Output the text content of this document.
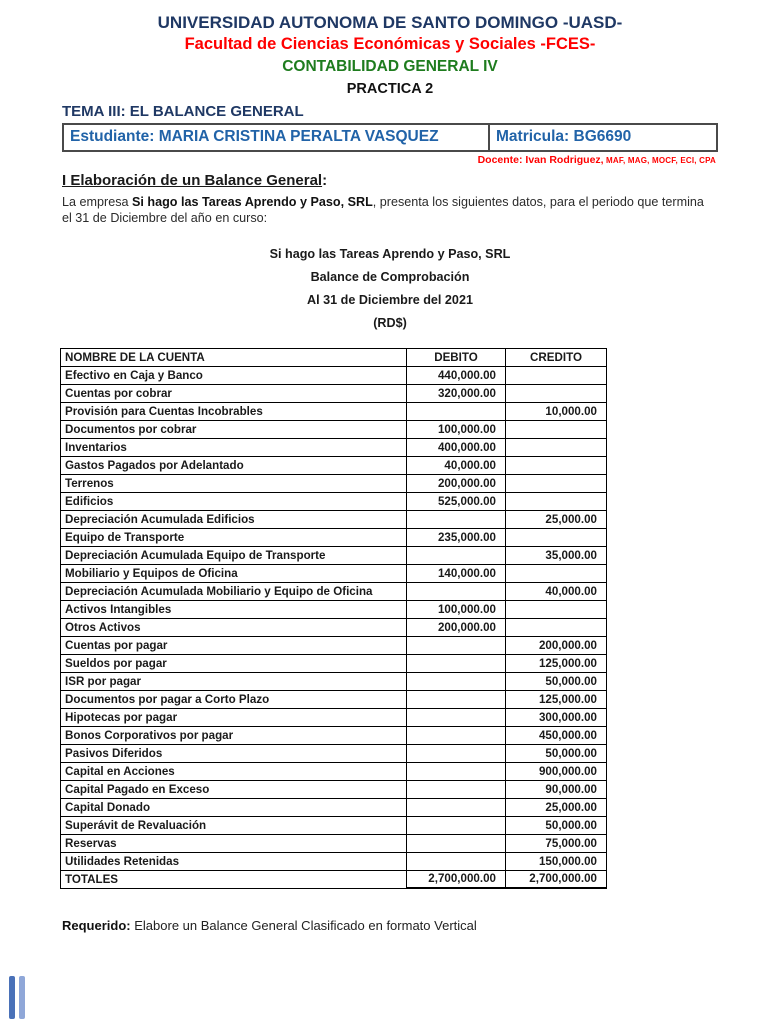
UNIVERSIDAD AUTONOMA DE SANTO DOMINGO -UASD-
Facultad de Ciencias Económicas y Sociales -FCES-
CONTABILIDAD GENERAL IV
PRACTICA 2
TEMA III: EL BALANCE GENERAL
Estudiante: MARIA CRISTINA PERALTA VASQUEZ	Matricula: BG6690
Docente: Ivan Rodriguez, MAF, MAG, MOCF, ECI, CPA
I Elaboración de un Balance General:
La empresa Si hago las Tareas Aprendo y Paso, SRL, presenta los siguientes datos, para el periodo que termina el 31 de Diciembre del año en curso:
Si hago las Tareas Aprendo y Paso, SRL
Balance de Comprobación
Al 31 de Diciembre del 2021
(RD$)
NOMBRE DE LA CUENTA	DEBITO	CREDITO
Efectivo en Caja y Banco	440,000.00	
Cuentas por cobrar	320,000.00	
Provisión para Cuentas Incobrables		10,000.00
Documentos por cobrar	100,000.00	
Inventarios	400,000.00	
Gastos Pagados por Adelantado	40,000.00	
Terrenos	200,000.00	
Edificios	525,000.00	
Depreciación Acumulada Edificios		25,000.00
Equipo de Transporte	235,000.00	
Depreciación Acumulada Equipo de Transporte		35,000.00
Mobiliario y Equipos de Oficina	140,000.00	
Depreciación Acumulada Mobiliario y Equipo de Oficina		40,000.00
Activos Intangibles	100,000.00	
Otros Activos	200,000.00	
Cuentas por pagar		200,000.00
Sueldos por pagar		125,000.00
ISR por pagar		50,000.00
Documentos por pagar a Corto Plazo		125,000.00
Hipotecas por pagar		300,000.00
Bonos Corporativos por pagar		450,000.00
Pasivos Diferidos		50,000.00
Capital en Acciones		900,000.00
Capital Pagado en Exceso		90,000.00
Capital Donado		25,000.00
Superávit de Revaluación		50,000.00
Reservas		75,000.00
Utilidades Retenidas		150,000.00
TOTALES	2,700,000.00	2,700,000.00
Requerido: Elabore un Balance General Clasificado en formato Vertical
